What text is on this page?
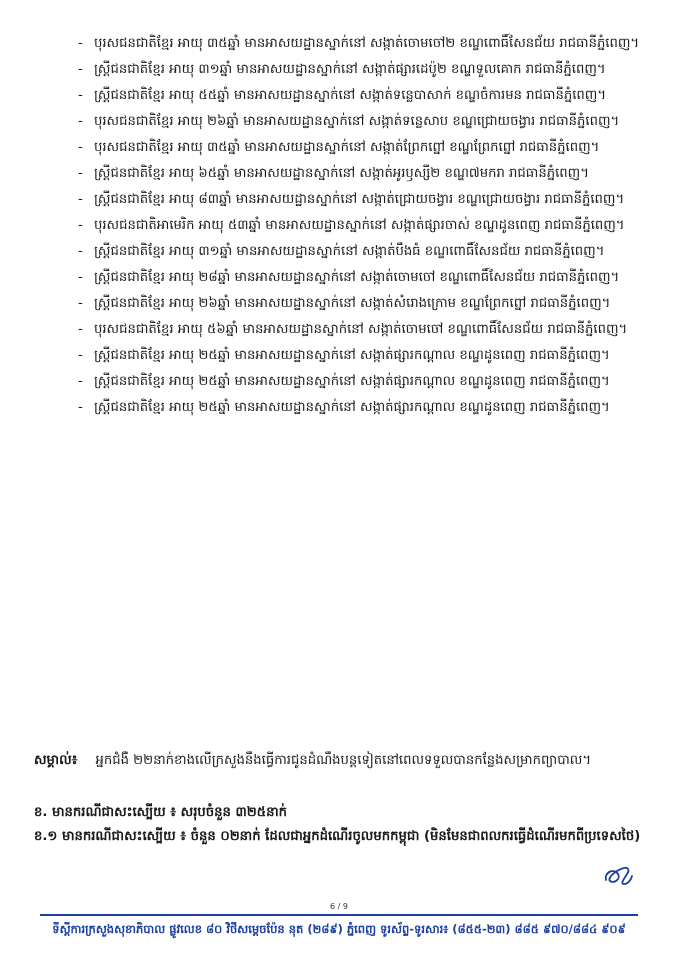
- បុរសជនជាតិខ្មែរ អាយុ ៣៥ឆ្នាំ មានអាសយដ្ឋានស្នាក់នៅ សង្កាត់ចោមចៅ២ ខណ្ឌពោធិ៍សែនជ័យ រាជធានីភ្នំពេញ។
- ស្ត្រីជនជាតិខ្មែរ អាយុ ៣១ឆ្នាំ មានអាសយដ្ឋានស្នាក់នៅ សង្កាត់ផ្សារដេប៉ូ២ ខណ្ឌទួលគោក រាជធានីភ្នំពេញ។
- ស្ត្រីជនជាតិខ្មែរ អាយុ ៥៥ឆ្នាំ មានអាសយដ្ឋានស្នាក់នៅ សង្កាត់ទន្លេបាសាក់ ខណ្ឌចំការមន រាជធានីភ្នំពេញ។
- បុរសជនជាតិខ្មែរ អាយុ ២៦ឆ្នាំ មានអាសយដ្ឋានស្នាក់នៅ សង្កាត់ទន្លេសាប ខណ្ឌជ្រោយចង្វារ រាជធានីភ្នំពេញ។
- បុរសជនជាតិខ្មែរ អាយុ ៣៥ឆ្នាំ មានអាសយដ្ឋានស្នាក់នៅ សង្កាត់ព្រែកព្នៅ ខណ្ឌព្រែកព្នៅ រាជធានីភ្នំពេញ។
- ស្ត្រីជនជាតិខ្មែរ អាយុ ៦៥ឆ្នាំ មានអាសយដ្ឋានស្នាក់នៅ សង្កាត់អូរឫស្សី២ ខណ្ឌ៧មករា រាជធានីភ្នំពេញ។
- ស្ត្រីជនជាតិខ្មែរ អាយុ ៨៣ឆ្នាំ មានអាសយដ្ឋានស្នាក់នៅ សង្កាត់ជ្រោយចង្វារ ខណ្ឌជ្រោយចង្វារ រាជធានីភ្នំពេញ។
- បុរសជនជាតិអាមេរិក អាយុ ៥៣ឆ្នាំ មានអាសយដ្ឋានស្នាក់នៅ សង្កាត់ផ្សារចាស់ ខណ្ឌដូនពេញ រាជធានីភ្នំពេញ។
- ស្ត្រីជនជាតិខ្មែរ អាយុ ៣១ឆ្នាំ មានអាសយដ្ឋានស្នាក់នៅ សង្កាត់បឹងធំ ខណ្ឌពោធិ៍សែនជ័យ រាជធានីភ្នំពេញ។
- ស្ត្រីជនជាតិខ្មែរ អាយុ ២៨ឆ្នាំ មានអាសយដ្ឋានស្នាក់នៅ សង្កាត់ចោមចៅ ខណ្ឌពោធិ៍សែនជ័យ រាជធានីភ្នំពេញ។
- ស្ត្រីជនជាតិខ្មែរ អាយុ ២៦ឆ្នាំ មានអាសយដ្ឋានស្នាក់នៅ សង្កាត់សំរោងក្រោម ខណ្ឌព្រែកព្នៅ រាជធានីភ្នំពេញ។
- បុរសជនជាតិខ្មែរ អាយុ ៥៦ឆ្នាំ មានអាសយដ្ឋានស្នាក់នៅ សង្កាត់ចោមចៅ ខណ្ឌពោធិ៍សែនជ័យ រាជធានីភ្នំពេញ។
- ស្ត្រីជនជាតិខ្មែរ អាយុ ២៥ឆ្នាំ មានអាសយដ្ឋានស្នាក់នៅ សង្កាត់ផ្សារកណ្ដាល ខណ្ឌដូនពេញ រាជធានីភ្នំពេញ។
- ស្ត្រីជនជាតិខ្មែរ អាយុ ២៥ឆ្នាំ មានអាសយដ្ឋានស្នាក់នៅ សង្កាត់ផ្សារកណ្ដាល ខណ្ឌដូនពេញ រាជធានីភ្នំពេញ។
- ស្ត្រីជនជាតិខ្មែរ អាយុ ២៥ឆ្នាំ មានអាសយដ្ឋានស្នាក់នៅ សង្កាត់ផ្សារកណ្ដាល ខណ្ឌដូនពេញ រាជធានីភ្នំពេញ។
សម្គាល់៖ អ្នកជំងឺ ២២នាក់ខាងលើក្រសួងនឹងធ្វើការជូនដំណឹងបន្តទៀតនៅពេលទទួលបានកន្លែងសម្រាកព្យាបាល។
ខ. មានករណីជាសះស្បើយ ៖ សរុបចំនួន ៣២៥នាក់
ខ.១ មានករណីជាសះស្បើយ ៖ ចំនួន ០២នាក់ ដែលជាអ្នកដំណើរចូលមកកម្ពុជា (មិនមែនជាពលករធ្វើដំណើរមកពីប្រទេសថៃ)
6 / 9
ទីស្តីការក្រសួងសុខាភិបាល ផ្លូវលេខ ៨០ វិថីសម្ដេចប៉ែន នុត (២៨៩) ភ្នំពេញ ទូរស័ព្ទ-ទូរសារ៖ (៨៥៥-២៣) ៨៨៥ ៩៧០/៨៨៤ ៩០៩
